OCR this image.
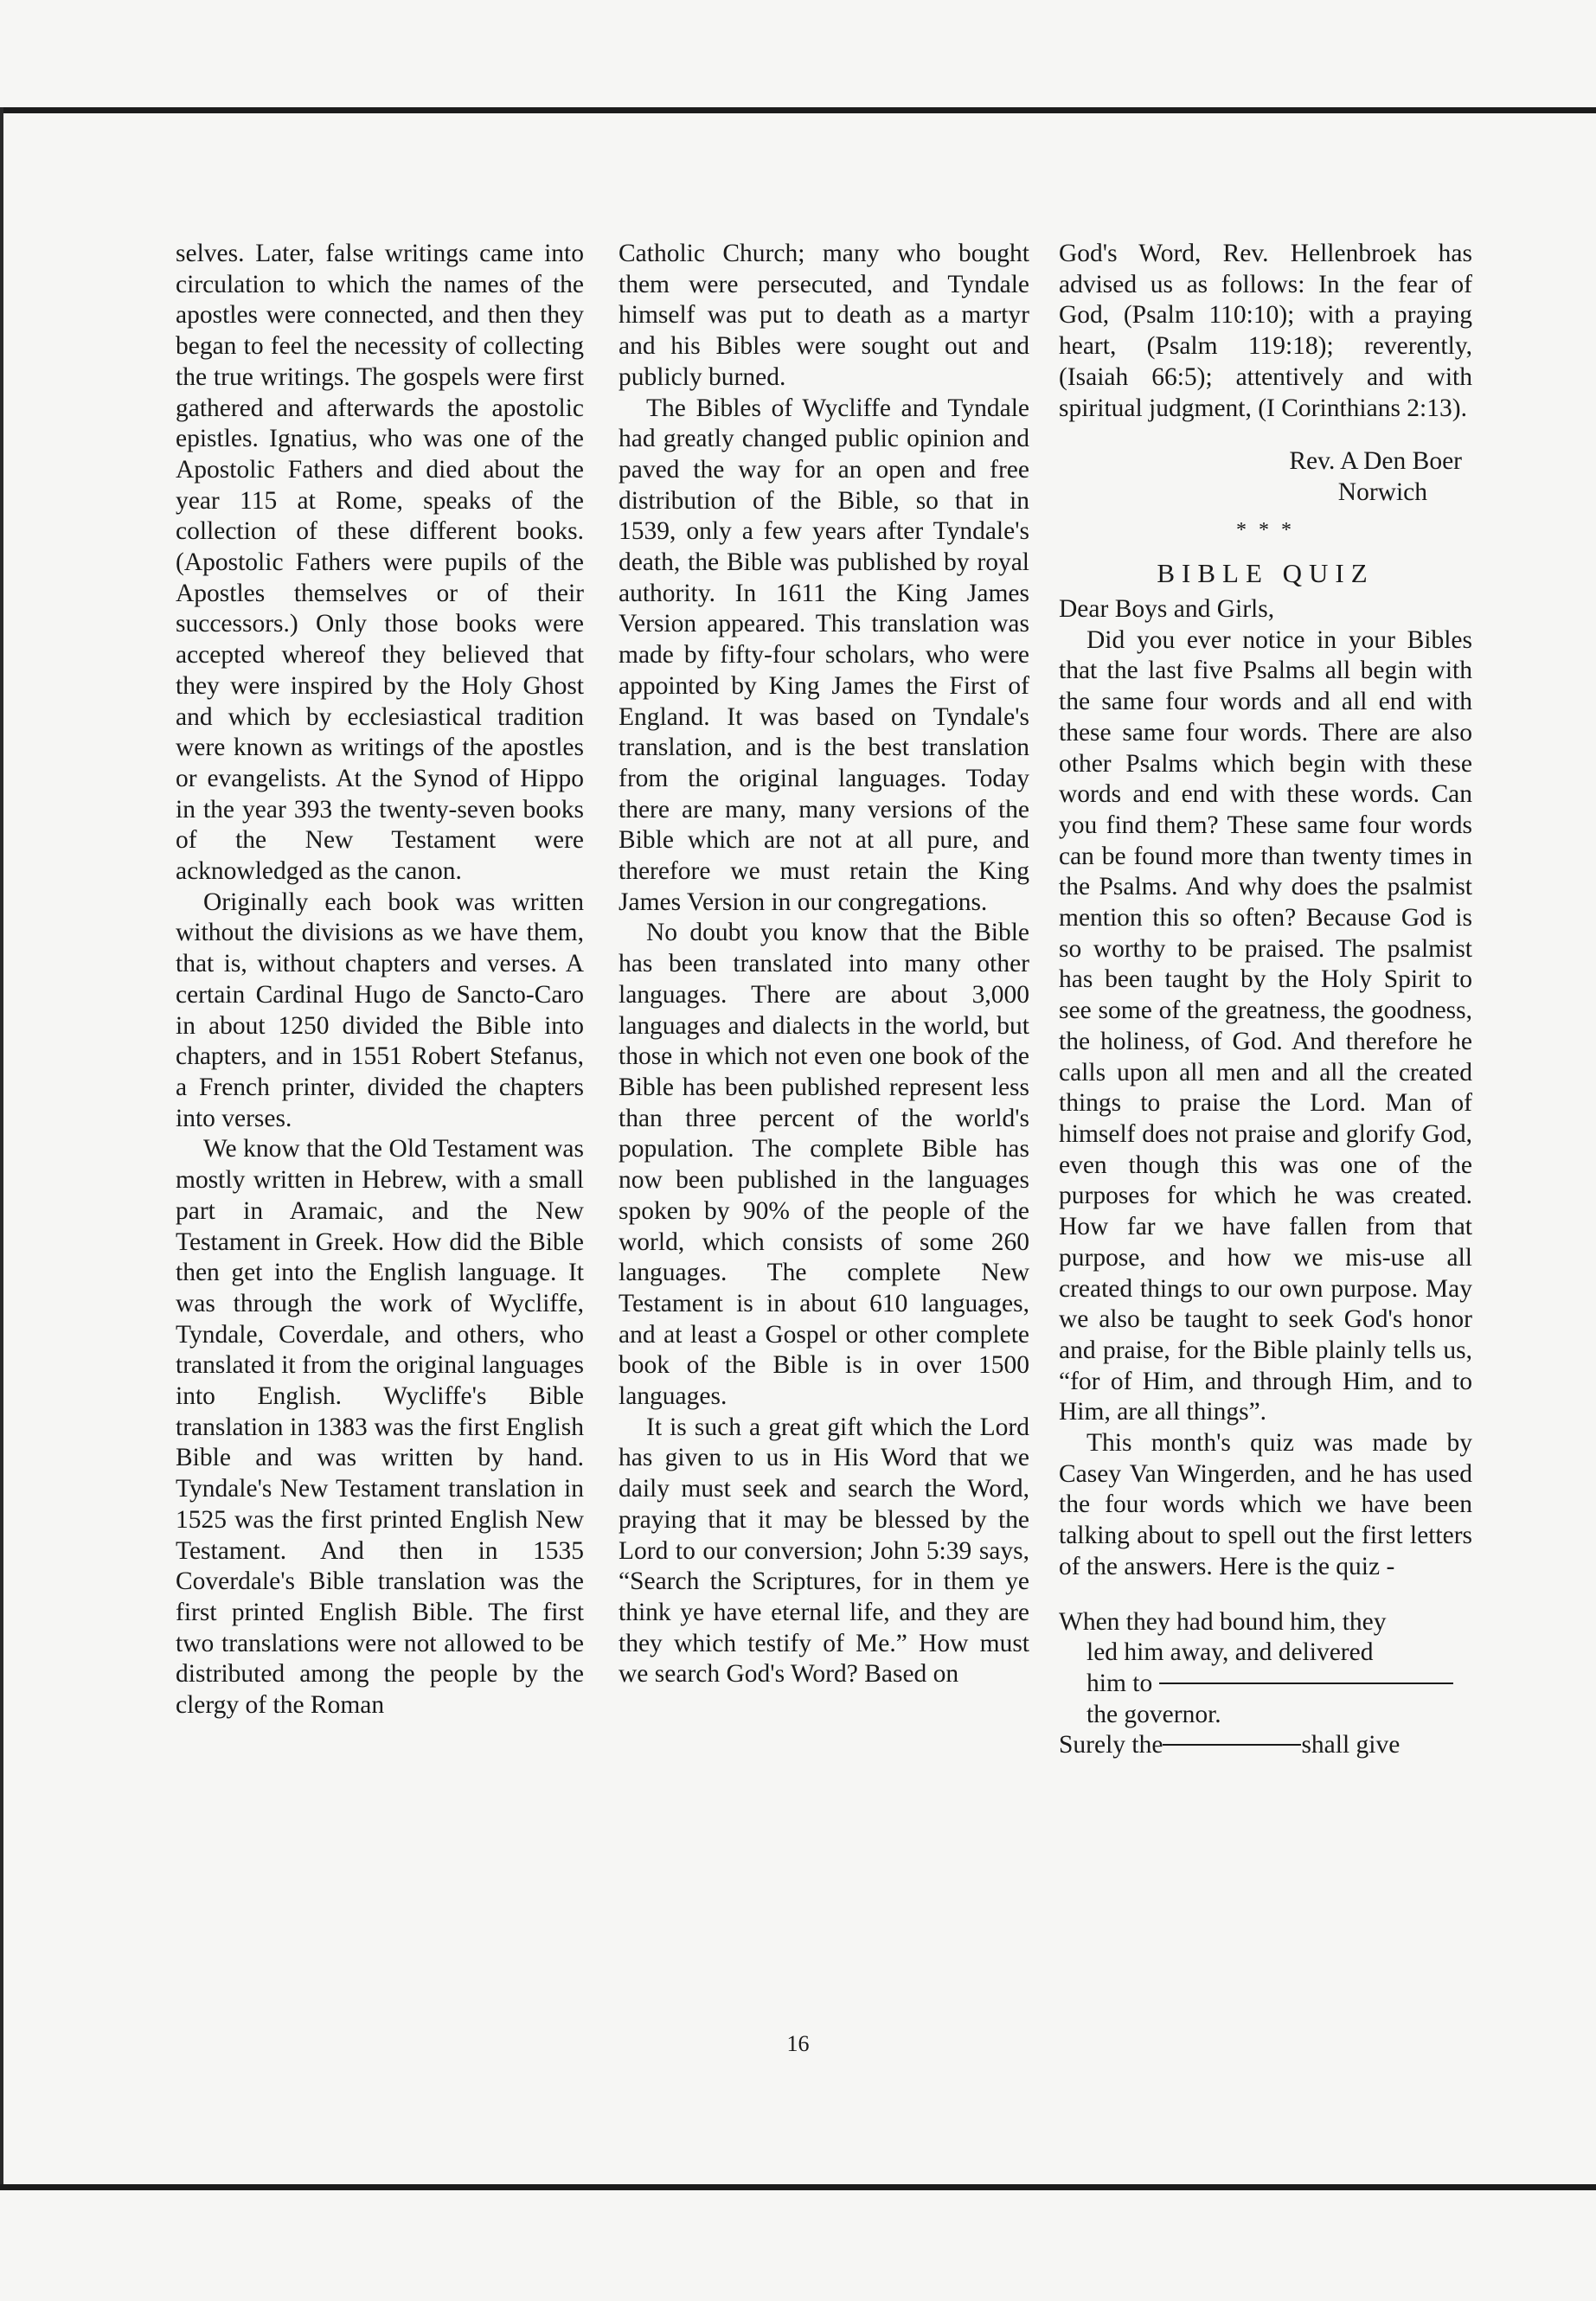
selves. Later, false writings came into circulation to which the names of the apostles were connected, and then they began to feel the necessity of collecting the true writings. The gospels were first gathered and afterwards the apostolic epistles. Ignatius, who was one of the Apostolic Fathers and died about the year 115 at Rome, speaks of the collection of these different books. (Apostolic Fathers were pupils of the Apostles themselves or of their successors.) Only those books were accepted whereof they believed that they were inspired by the Holy Ghost and which by ecclesiastical tradition were known as writings of the apostles or evangelists. At the Synod of Hippo in the year 393 the twenty-seven books of the New Testament were acknowledged as the canon.

Originally each book was written without the divisions as we have them, that is, without chapters and verses. A certain Cardinal Hugo de Sancto-Caro in about 1250 divided the Bible into chapters, and in 1551 Robert Stefanus, a French printer, divided the chapters into verses.

We know that the Old Testament was mostly written in Hebrew, with a small part in Aramaic, and the New Testament in Greek. How did the Bible then get into the English language. It was through the work of Wycliffe, Tyndale, Coverdale, and others, who translated it from the original languages into English. Wycliffe's Bible translation in 1383 was the first English Bible and was written by hand. Tyndale's New Testament translation in 1525 was the first printed English New Testament. And then in 1535 Coverdale's Bible translation was the first printed English Bible. The first two translations were not allowed to be distributed among the people by the clergy of the Roman

Catholic Church; many who bought them were persecuted, and Tyndale himself was put to death as a martyr and his Bibles were sought out and publicly burned.

The Bibles of Wycliffe and Tyndale had greatly changed public opinion and paved the way for an open and free distribution of the Bible, so that in 1539, only a few years after Tyndale's death, the Bible was published by royal authority. In 1611 the King James Version appeared. This translation was made by fifty-four scholars, who were appointed by King James the First of England. It was based on Tyndale's translation, and is the best translation from the original languages. Today there are many, many versions of the Bible which are not at all pure, and therefore we must retain the King James Version in our congregations.

No doubt you know that the Bible has been translated into many other languages. There are about 3,000 languages and dialects in the world, but those in which not even one book of the Bible has been published represent less than three percent of the world's population. The complete Bible has now been published in the languages spoken by 90% of the people of the world, which consists of some 260 languages. The complete New Testament is in about 610 languages, and at least a Gospel or other complete book of the Bible is in over 1500 languages.

It is such a great gift which the Lord has given to us in His Word that we daily must seek and search the Word, praying that it may be blessed by the Lord to our conversion; John 5:39 says, “Search the Scriptures, for in them ye think ye have eternal life, and they are they which testify of Me.” How must we search God's Word? Based on

God's Word, Rev. Hellenbroek has advised us as follows: In the fear of God, (Psalm 110:10); with a praying heart, (Psalm 119:18); reverently, (Isaiah 66:5); attentively and with spiritual judgment, (I Corinthians 2:13).

Rev. A Den Boer
Norwich
* * *
BIBLE QUIZ

Dear Boys and Girls,

Did you ever notice in your Bibles that the last five Psalms all begin with the same four words and all end with these same four words. There are also other Psalms which begin with these words and end with these words. Can you find them? These same four words can be found more than twenty times in the Psalms. And why does the psalmist mention this so often? Because God is so worthy to be praised. The psalmist has been taught by the Holy Spirit to see some of the greatness, the goodness, the holiness, of God. And therefore he calls upon all men and all the created things to praise the Lord. Man of himself does not praise and glorify God, even though this was one of the purposes for which he was created. How far we have fallen from that purpose, and how we mis-use all created things to our own purpose. May we also be taught to seek God's honor and praise, for the Bible plainly tells us, “for of Him, and through Him, and to Him, are all things”.

This month's quiz was made by Casey Van Wingerden, and he has used the four words which we have been talking about to spell out the first letters of the answers. Here is the quiz -

When they had bound him, they
led him away, and delivered
him to
the governor.
Surely the	shall give
16
